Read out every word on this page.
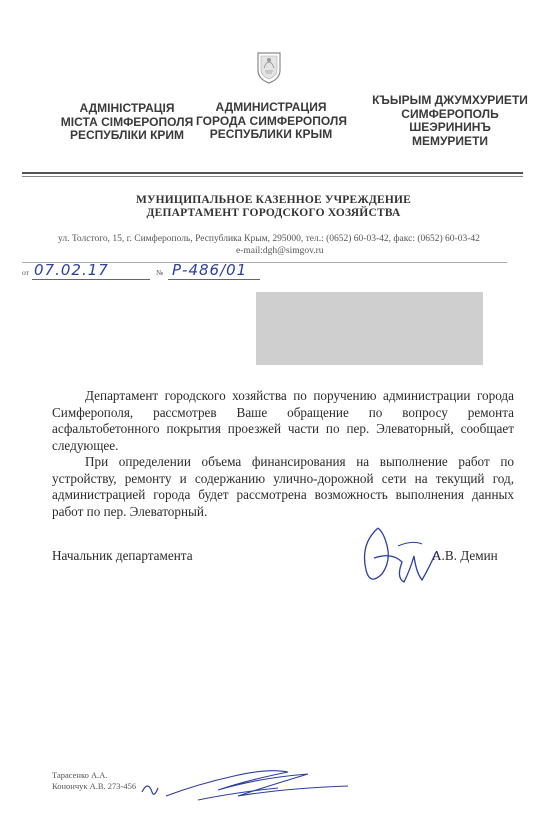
АДМІНІСТРАЦІЯ
МІСТА СІМФЕРОПОЛЯ
РЕСПУБЛІКИ КРИМ
АДМИНИСТРАЦИЯ
ГОРОДА СИМФЕРОПОЛЯ
РЕСПУБЛИКИ КРЫМ
КЪЫРЫМ ДЖУМХУРИЕТИ
СИМФЕРОПОЛЬ
ШЕЭРИНИНЪ
МЕМУРИЕТИ
МУНИЦИПАЛЬНОЕ КАЗЕННОЕ УЧРЕЖДЕНИЕ
ДЕПАРТАМЕНТ ГОРОДСКОГО ХОЗЯЙСТВА
ул. Толстого, 15, г. Симферополь, Республика Крым, 295000, тел.: (0652) 60-03-42, факс: (0652) 60-03-42
e-mail:dgh@simgov.ru
от 07.02.17	№ Р-486/01

Департамент городского хозяйства по поручению администрации города Симферополя, рассмотрев Ваше обращение по вопросу ремонта асфальтобетонного покрытия проезжей части по пер. Элеваторный, сообщает следующее.

При определении объема финансирования на выполнение работ по устройству, ремонту и содержанию улично-дорожной сети на текущий год, администрацией города будет рассмотрена возможность выполнения данных работ по пер. Элеваторный.

Начальник департамента	А.В. Демин
Тарасенко А.А.
Конончук А.В. 273-456
